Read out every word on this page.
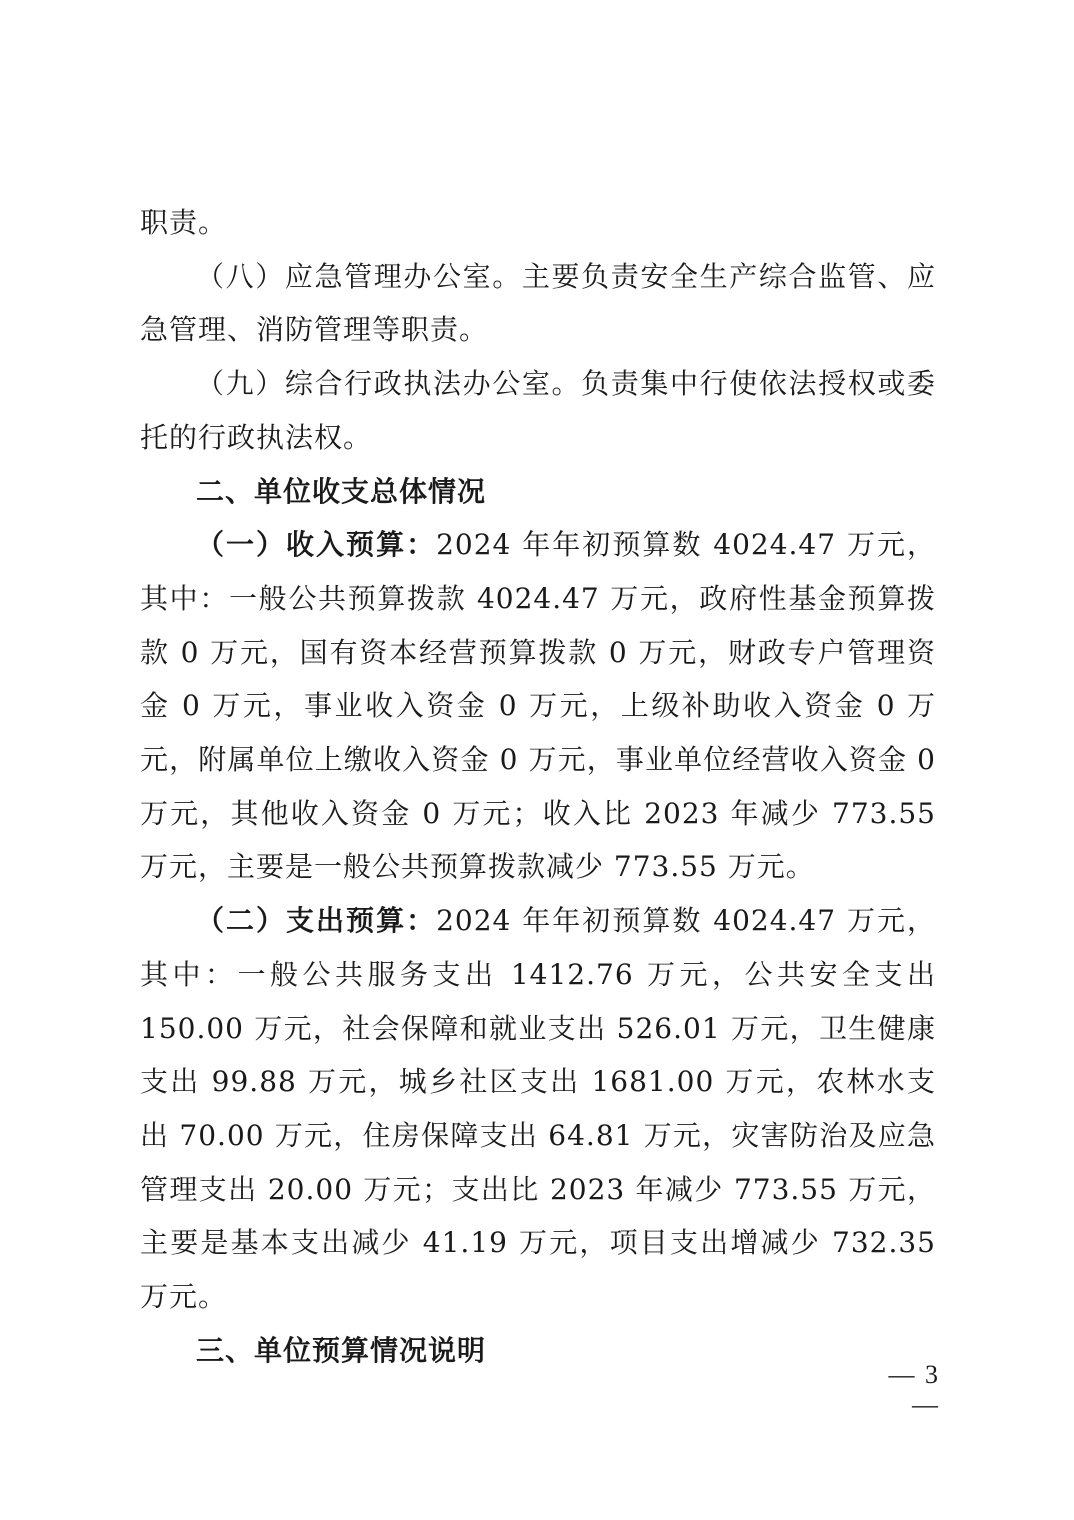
职责。

（八）应急管理办公室。主要负责安全生产综合监管、应急管理、消防管理等职责。

（九）综合行政执法办公室。负责集中行使依法授权或委托的行政执法权。

二、单位收支总体情况

（一）收入预算：2024 年年初预算数 4024.47 万元，其中：一般公共预算拨款 4024.47 万元，政府性基金预算拨款 0 万元，国有资本经营预算拨款 0 万元，财政专户管理资金 0 万元，事业收入资金 0 万元，上级补助收入资金 0 万元，附属单位上缴收入资金 0 万元，事业单位经营收入资金 0 万元，其他收入资金 0 万元；收入比 2023 年减少 773.55 万元，主要是一般公共预算拨款减少 773.55 万元。

（二）支出预算：2024 年年初预算数 4024.47 万元，其中：一般公共服务支出 1412.76 万元，公共安全支出 150.00 万元，社会保障和就业支出 526.01 万元，卫生健康支出 99.88 万元，城乡社区支出 1681.00 万元，农林水支出 70.00 万元，住房保障支出 64.81 万元，灾害防治及应急管理支出 20.00 万元；支出比 2023 年减少 773.55 万元，主要是基本支出减少 41.19 万元，项目支出增减少 732.35 万元。

三、单位预算情况说明

— 3 —
